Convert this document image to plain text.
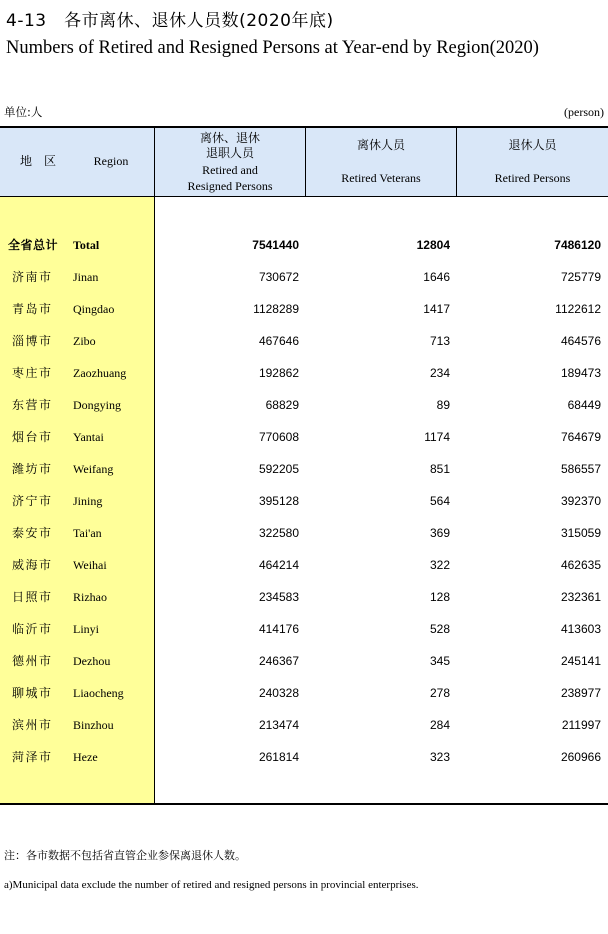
4-13　各市离休、退休人员数(2020年底)
Numbers of Retired and Resigned Persons at Year-end by Region(2020)
单位:人	(person)
地　区	Region
离休、退休
退职人员
Retired and
Resigned Persons
离休人员
Retired Veterans
退休人员
Retired Persons
全省总计 Total	7541440	12804	7486120
济南市 Jinan	730672	1646	725779
青岛市 Qingdao	1128289	1417	1122612
淄博市 Zibo	467646	713	464576
枣庄市 Zaozhuang	192862	234	189473
东营市 Dongying	68829	89	68449
烟台市 Yantai	770608	1174	764679
潍坊市 Weifang	592205	851	586557
济宁市 Jining	395128	564	392370
泰安市 Tai'an	322580	369	315059
威海市 Weihai	464214	322	462635
日照市 Rizhao	234583	128	232361
临沂市 Linyi	414176	528	413603
德州市 Dezhou	246367	345	245141
聊城市 Liaocheng	240328	278	238977
滨州市 Binzhou	213474	284	211997
菏泽市 Heze	261814	323	260966
注：各市数据不包括省直管企业参保离退休人数。
a)Municipal data exclude the number of retired and resigned persons in provincial enterprises.
